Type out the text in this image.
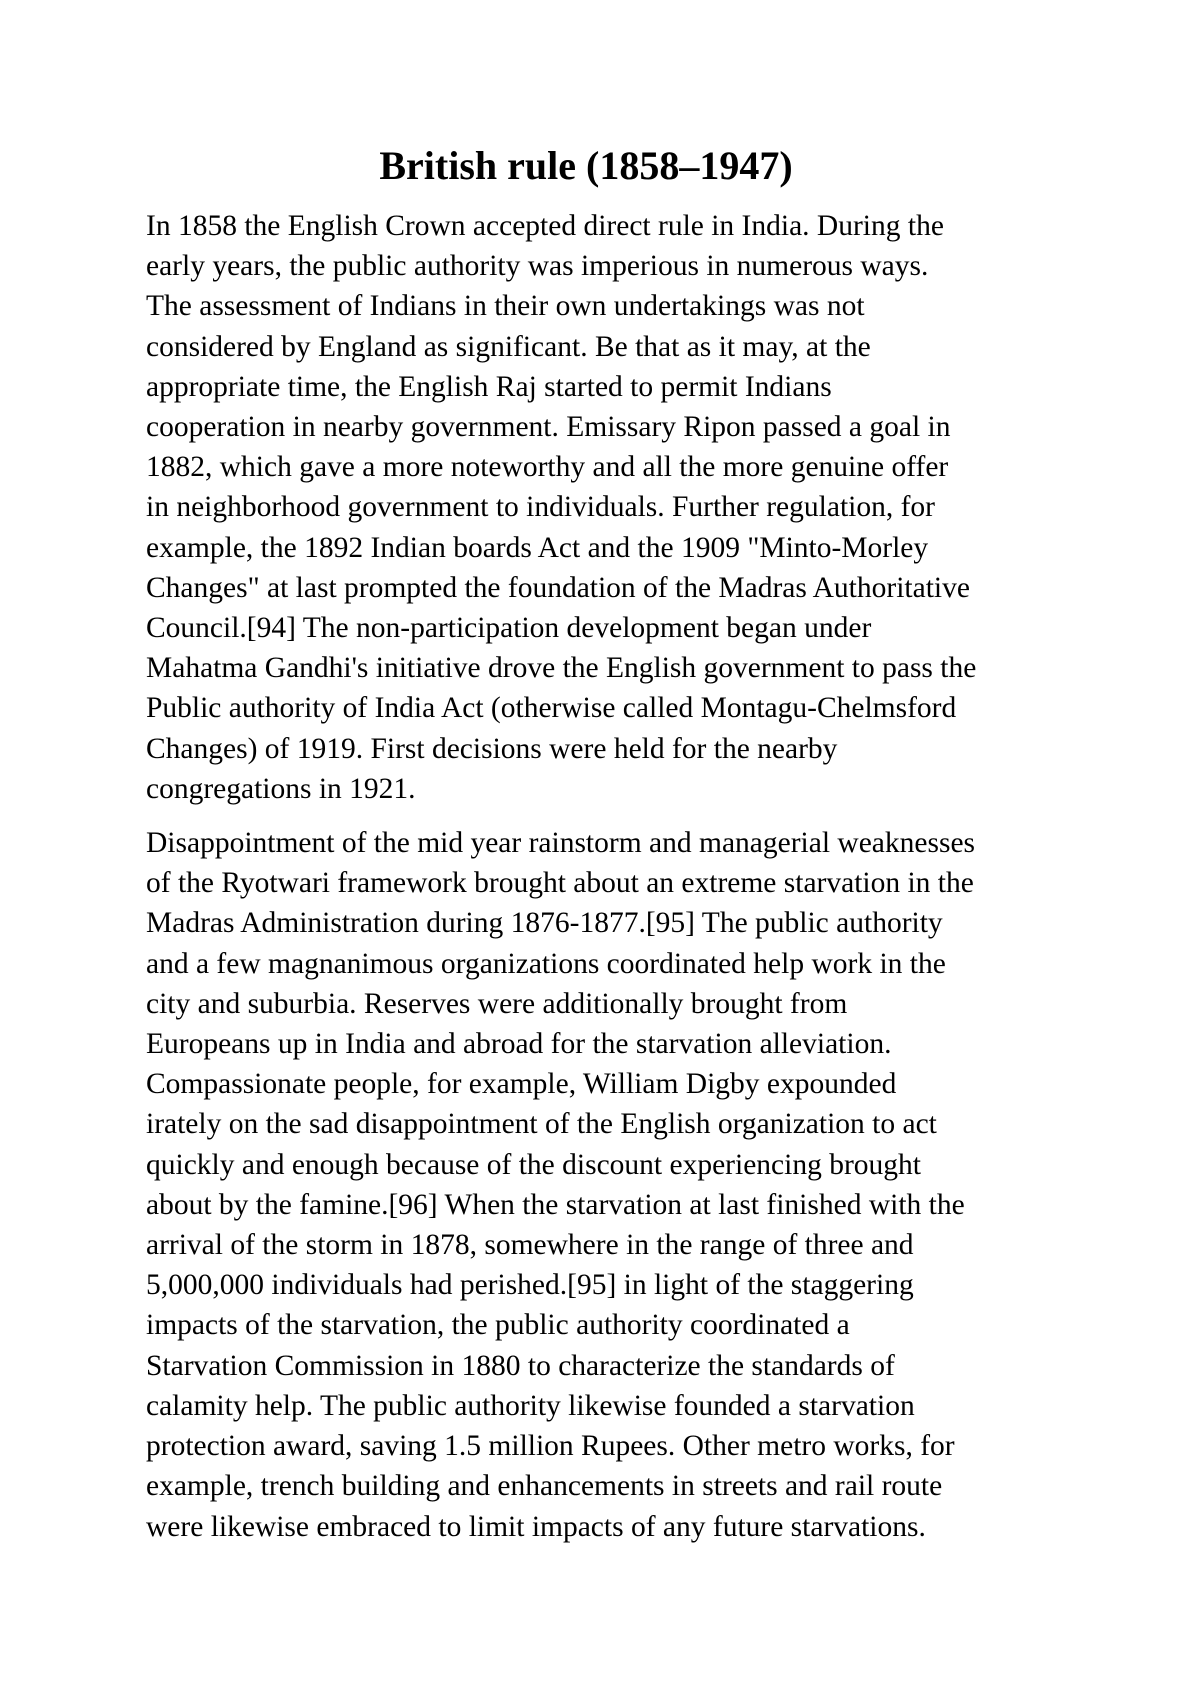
British rule (1858–1947)

In 1858 the English Crown accepted direct rule in India. During the
early years, the public authority was imperious in numerous ways.
The assessment of Indians in their own undertakings was not
considered by England as significant. Be that as it may, at the
appropriate time, the English Raj started to permit Indians
cooperation in nearby government. Emissary Ripon passed a goal in
1882, which gave a more noteworthy and all the more genuine offer
in neighborhood government to individuals. Further regulation, for
example, the 1892 Indian boards Act and the 1909 "Minto-Morley
Changes" at last prompted the foundation of the Madras Authoritative
Council.[94] The non-participation development began under
Mahatma Gandhi's initiative drove the English government to pass the
Public authority of India Act (otherwise called Montagu-Chelmsford
Changes) of 1919. First decisions were held for the nearby
congregations in 1921.

Disappointment of the mid year rainstorm and managerial weaknesses
of the Ryotwari framework brought about an extreme starvation in the
Madras Administration during 1876-1877.[95] The public authority
and a few magnanimous organizations coordinated help work in the
city and suburbia. Reserves were additionally brought from
Europeans up in India and abroad for the starvation alleviation.
Compassionate people, for example, William Digby expounded
irately on the sad disappointment of the English organization to act
quickly and enough because of the discount experiencing brought
about by the famine.[96] When the starvation at last finished with the
arrival of the storm in 1878, somewhere in the range of three and
5,000,000 individuals had perished.[95] in light of the staggering
impacts of the starvation, the public authority coordinated a
Starvation Commission in 1880 to characterize the standards of
calamity help. The public authority likewise founded a starvation
protection award, saving 1.5 million Rupees. Other metro works, for
example, trench building and enhancements in streets and rail route
were likewise embraced to limit impacts of any future starvations.
